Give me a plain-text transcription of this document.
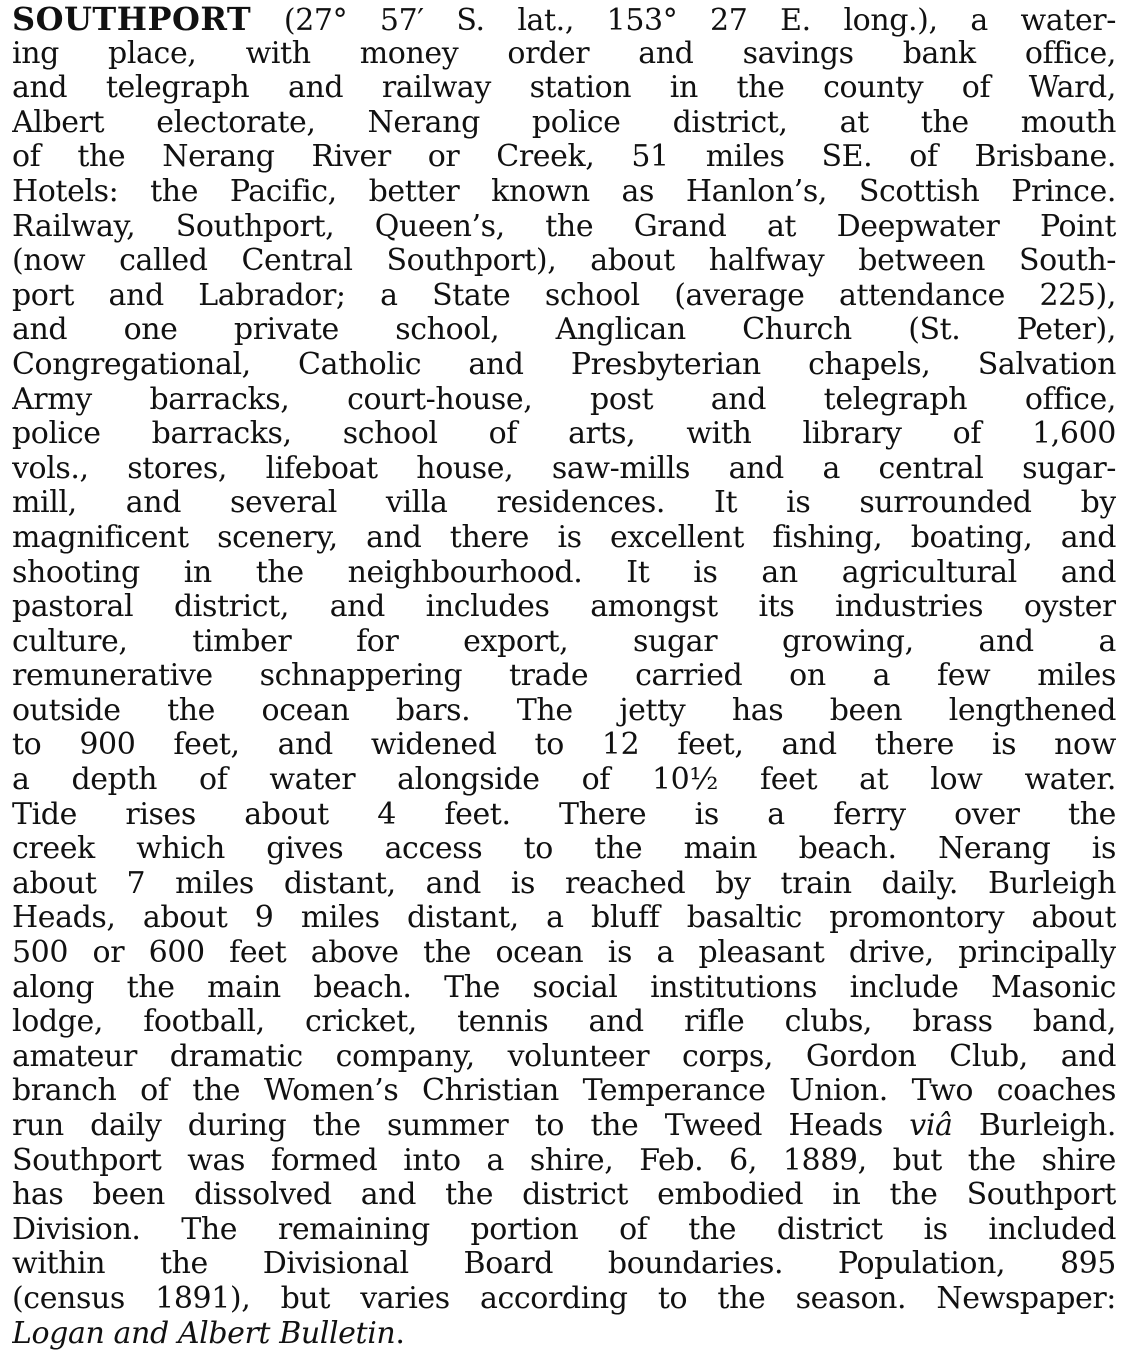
SOUTHPORT (27° 57′ S. lat., 153° 27 E. long.), a water-
ing place, with money order and savings bank office,
and telegraph and railway station in the county of Ward,
Albert electorate, Nerang police district, at the mouth
of the Nerang River or Creek, 51 miles SE. of Brisbane.
Hotels: the Pacific, better known as Hanlon’s, Scottish Prince.
Railway, Southport, Queen’s, the Grand at Deepwater Point
(now called Central Southport), about halfway between South-
port and Labrador; a State school (average attendance 225),
and one private school, Anglican Church (St. Peter),
Congregational, Catholic and Presbyterian chapels, Salvation
Army barracks, court-house, post and telegraph office,
police barracks, school of arts, with library of 1,600
vols., stores, lifeboat house, saw-mills and a central sugar-
mill, and several villa residences. It is surrounded by
magnificent scenery, and there is excellent fishing, boating, and
shooting in the neighbourhood. It is an agricultural and
pastoral district, and includes amongst its industries oyster
culture, timber for export, sugar growing, and a
remunerative schnappering trade carried on a few miles
outside the ocean bars. The jetty has been lengthened
to 900 feet, and widened to 12 feet, and there is now
a depth of water alongside of 10½ feet at low water.
Tide rises about 4 feet. There is a ferry over the
creek which gives access to the main beach. Nerang is
about 7 miles distant, and is reached by train daily. Burleigh
Heads, about 9 miles distant, a bluff basaltic promontory about
500 or 600 feet above the ocean is a pleasant drive, principally
along the main beach. The social institutions include Masonic
lodge, football, cricket, tennis and rifle clubs, brass band,
amateur dramatic company, volunteer corps, Gordon Club, and
branch of the Women’s Christian Temperance Union. Two coaches
run daily during the summer to the Tweed Heads viâ Burleigh.
Southport was formed into a shire, Feb. 6, 1889, but the shire
has been dissolved and the district embodied in the Southport
Division. The remaining portion of the district is included
within the Divisional Board boundaries. Population, 895
(census 1891), but varies according to the season. Newspaper:
Logan and Albert Bulletin.
